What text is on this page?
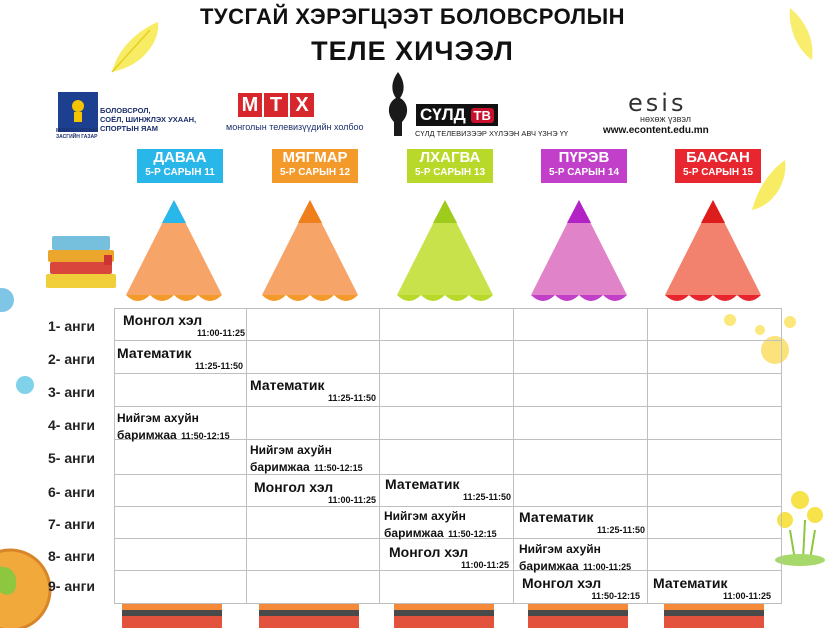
ТУСГАЙ ХЭРЭГЦЭЭТ БОЛОВСРОЛЫН
ТЕЛЕ ХИЧЭЭЛ
МОНГОЛ УЛСЫН ЗАСГИЙН ГАЗАР
БОЛОВСРОЛ,
СОЁЛ, ШИНЖЛЭХ УХААН,
СПОРТЫН ЯАМ
М Т Х
монголын телевизүүдийн холбоо
СҮЛД ТВ
СҮЛД ТЕЛЕВИЗЭЭР ХҮЛЭЭН АВЧ ҮЗНЭ ҮҮ
esis
нөхөж үзвэл
www.econtent.edu.mn
ДАВАА
5-Р САРЫН 11
МЯГМАР
5-Р САРЫН 12
ЛХАГВА
5-Р САРЫН 13
ПҮРЭВ
5-Р САРЫН 14
БААСАН
5-Р САРЫН 15
1- анги
2- анги
3- анги
4- анги
5- анги
6- анги
7- анги
8- анги
9- анги
Монгол хэл
11:00-11:25
Математик
11:25-11:50
Математик
11:25-11:50
Нийгэм ахуйн
баримжаа 11:50-12:15
Нийгэм ахуйн
баримжаа 11:50-12:15
Монгол хэл
11:00-11:25
Математик
11:25-11:50
Нийгэм ахуйн
баримжаа 11:50-12:15
Математик
11:25-11:50
Монгол хэл
11:00-11:25
Нийгэм ахуйн
баримжаа 11:00-11:25
Монгол хэл
11:50-12:15
Математик
11:00-11:25
